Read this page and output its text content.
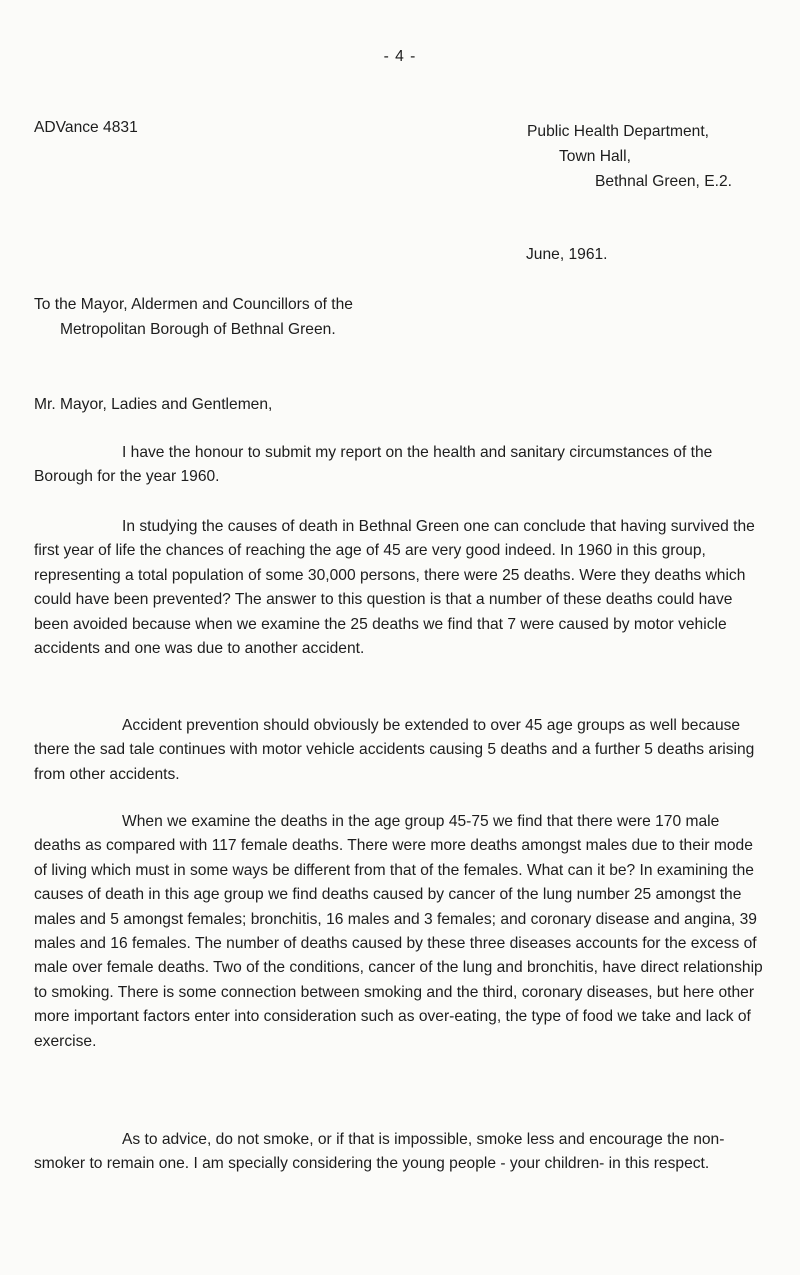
- 4 -
ADVance 4831	Public Health Department,
Town Hall,
Bethnal Green, E.2.
June, 1961.
To the Mayor, Aldermen and Councillors of the
Metropolitan Borough of Bethnal Green.
Mr. Mayor, Ladies and Gentlemen,

I have the honour to submit my report on the health and sanitary circumstances of the Borough for the year 1960.

In studying the causes of death in Bethnal Green one can conclude that having survived the first year of life the chances of reaching the age of 45 are very good indeed. In 1960 in this group, representing a total population of some 30,000 persons, there were 25 deaths. Were they deaths which could have been prevented? The answer to this question is that a number of these deaths could have been avoided because when we examine the 25 deaths we find that 7 were caused by motor vehicle accidents and one was due to another accident.

Accident prevention should obviously be extended to over 45 age groups as well because there the sad tale continues with motor vehicle accidents causing 5 deaths and a further 5 deaths arising from other accidents.

When we examine the deaths in the age group 45-75 we find that there were 170 male deaths as compared with 117 female deaths. There were more deaths amongst males due to their mode of living which must in some ways be different from that of the females. What can it be? In examining the causes of death in this age group we find deaths caused by cancer of the lung number 25 amongst the males and 5 amongst females; bronchitis, 16 males and 3 females; and coronary disease and angina, 39 males and 16 females. The number of deaths caused by these three diseases accounts for the excess of male over female deaths. Two of the conditions, cancer of the lung and bronchitis, have direct relationship to smoking. There is some connection between smoking and the third, coronary diseases, but here other more important factors enter into consideration such as over-eating, the type of food we take and lack of exercise.

As to advice, do not smoke, or if that is impossible, smoke less and encourage the non-smoker to remain one. I am specially considering the young people - your children- in this respect.
